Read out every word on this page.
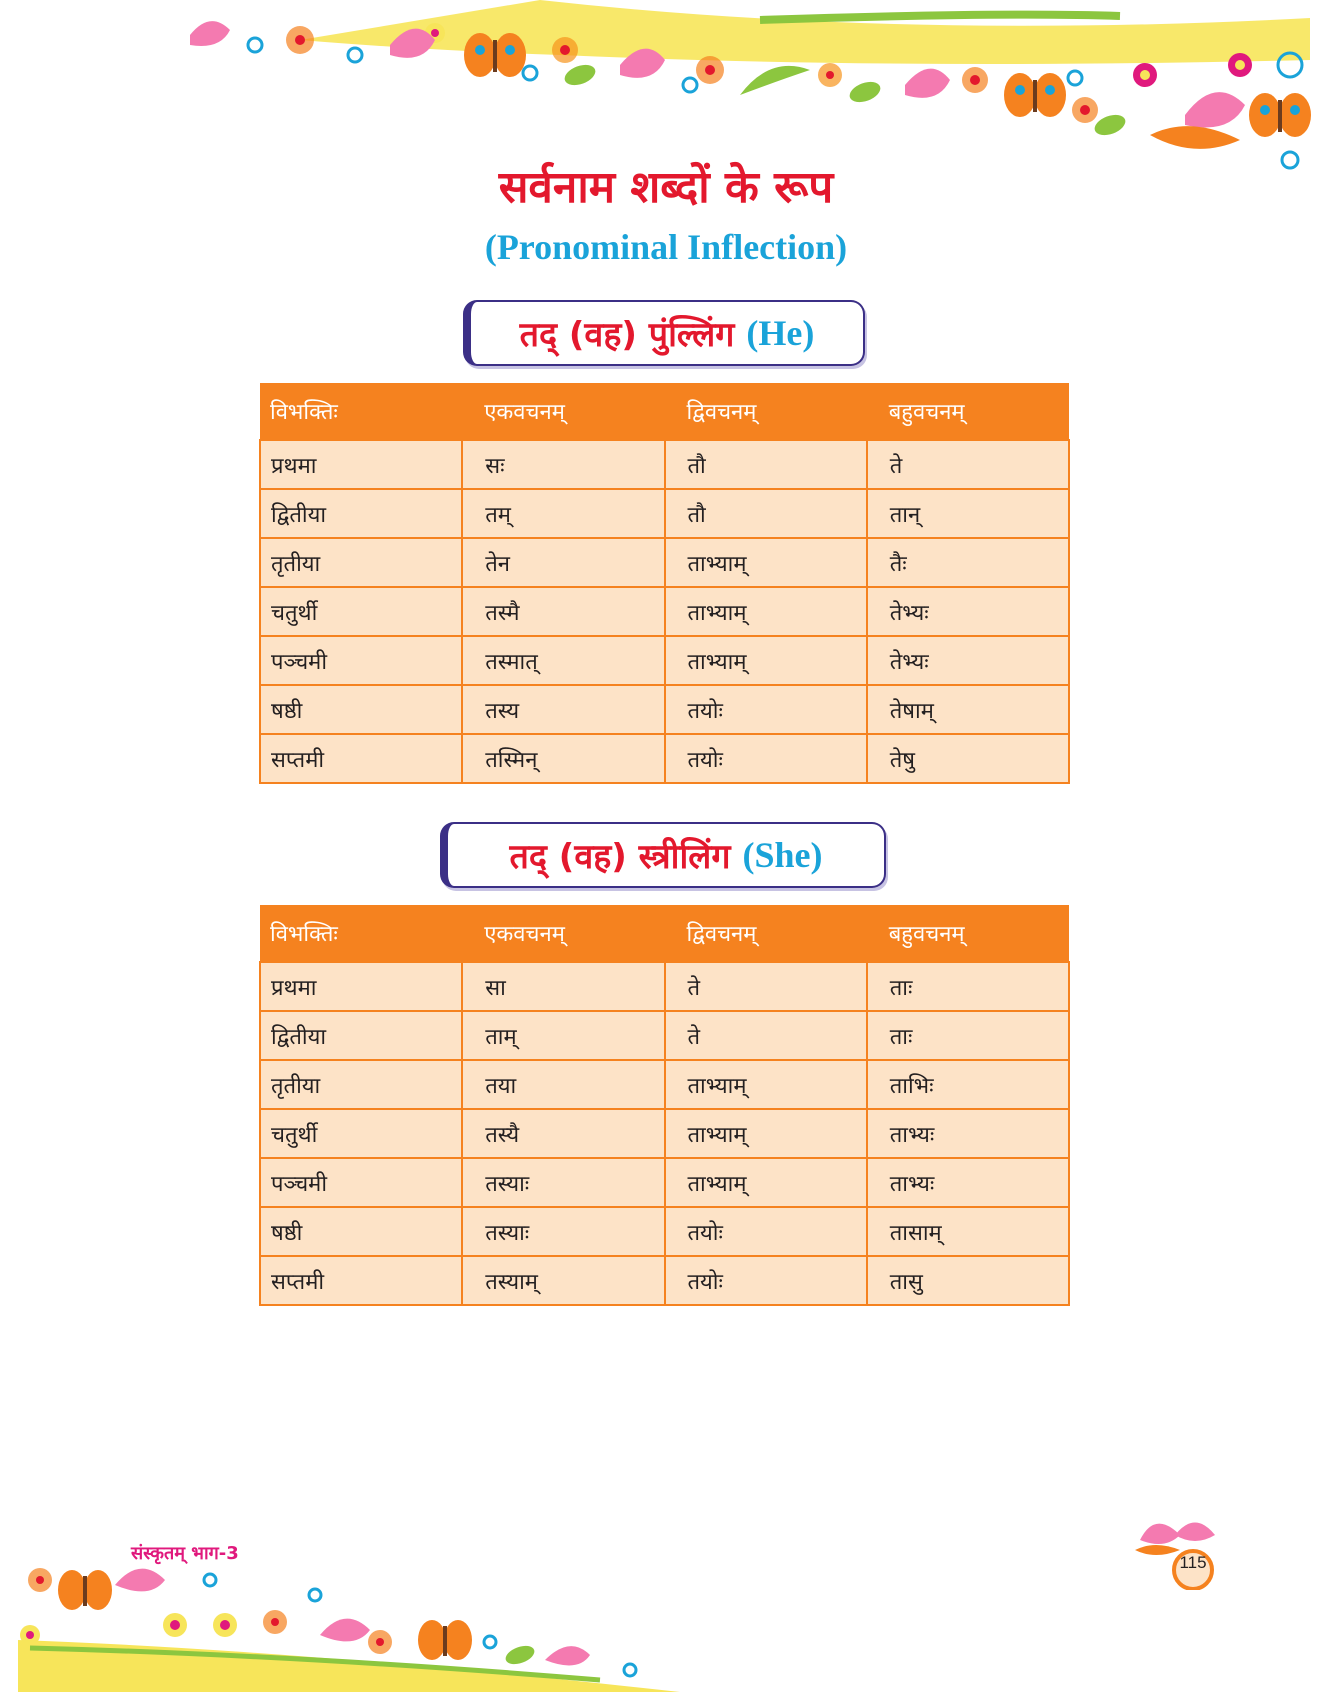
सर्वनाम शब्दों के रूप
(Pronominal Inflection)
तद् (वह) पुंल्लिंग (He)
विभक्तिः	एकवचनम्	द्विवचनम्	बहुवचनम्
प्रथमा	सः	तौ	ते
द्वितीया	तम्	तौ	तान्
तृतीया	तेन	ताभ्याम्	तैः
चतुर्थी	तस्मै	ताभ्याम्	तेभ्यः
पञ्चमी	तस्मात्	ताभ्याम्	तेभ्यः
षष्ठी	तस्य	तयोः	तेषाम्
सप्तमी	तस्मिन्	तयोः	तेषु
तद् (वह) स्त्रीलिंग (She)
विभक्तिः	एकवचनम्	द्विवचनम्	बहुवचनम्
प्रथमा	सा	ते	ताः
द्वितीया	ताम्	ते	ताः
तृतीया	तया	ताभ्याम्	ताभिः
चतुर्थी	तस्यै	ताभ्याम्	ताभ्यः
पञ्चमी	तस्याः	ताभ्याम्	ताभ्यः
षष्ठी	तस्याः	तयोः	तासाम्
सप्तमी	तस्याम्	तयोः	तासु
संस्कृतम् भाग-3	115
